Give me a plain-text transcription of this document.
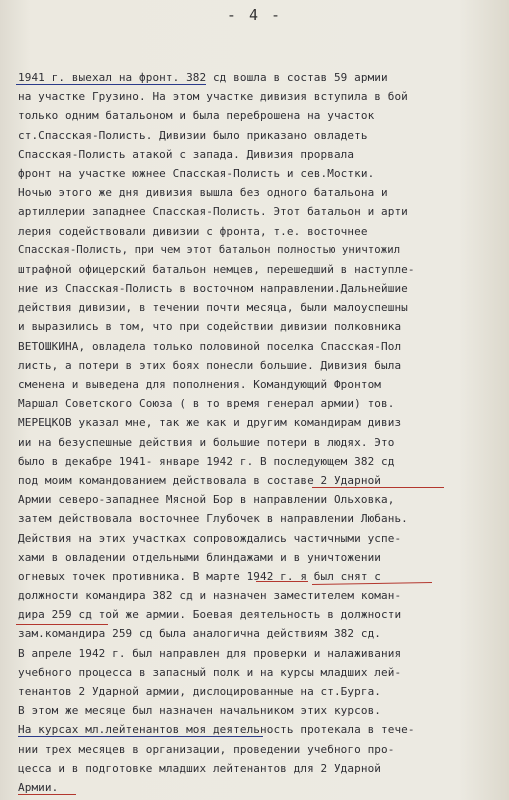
- 4 -
1941 г. выехал на фронт. 382 сд вошла в состав 59 армии
на участке Грузино. На этом участке дивизия вступила в бой
только одним батальоном и была переброшена на участок
ст.Спасская-Полисть. Дивизии было приказано овладеть
Спасская-Полисть атакой с запада. Дивизия прорвала
фронт на участке южнее Спасская-Полисть и сев.Мостки.
Ночью этого же дня дивизия вышла без одного батальона и
артиллерии западнее Спасская-Полисть. Этот батальон и арти
лерия содействовали дивизии с фронта, т.е. восточнее
Спасская-Полисть, при чем этот батальон полностью уничтожил
штрафной офицерский батальон немцев, перешедший в наступле-
ние из Спасская-Полисть в восточном направлении.Дальнейшие
действия дивизии, в течении почти месяца, были малоуспешны
и выразились в том, что при содействии дивизии полковника
ВЕТОШКИНА, овладела только половиной поселка Спасская-Пол
листь, а потери в этих боях понесли большие. Дивизия была
сменена и выведена для пополнения. Командующий Фронтом
Маршал Советского Союза ( в то время генерал армии) тов.
МЕРЕЦКОВ указал мне, так же как и другим командирам дивиз
ии на безуспешные действия и большие потери в людях. Это
было в декабре 1941- январе 1942 г. В последующем 382 сд
под моим командованием действовала в составе 2 Ударной
Армии северо-западнее Мясной Бор в направлении Ольховка,
затем действовала восточнее Глубочек в направлении Любань.
Действия на этих участках сопровождались частичными успе-
хами в овладении отдельными блиндажами и в уничтожении
огневых точек противника. В марте 1942 г. я был снят с
должности командира 382 сд и назначен заместителем коман-
дира 259 сд той же армии. Боевая деятельность в должности
зам.командира 259 сд была аналогична действиям 382 сд.
В апреле 1942 г. был направлен для проверки и налаживания
учебного процесса в запасный полк и на курсы младших лей-
тенантов 2 Ударной армии, дислоцированные на ст.Бурга.
В этом же месяце был назначен начальником этих курсов.
На курсах мл.лейтенантов моя деятельность протекала в тече-
нии трех месяцев в организации, проведении учебного про-
цесса и в подготовке младших лейтенантов для 2 Ударной
Армии.
